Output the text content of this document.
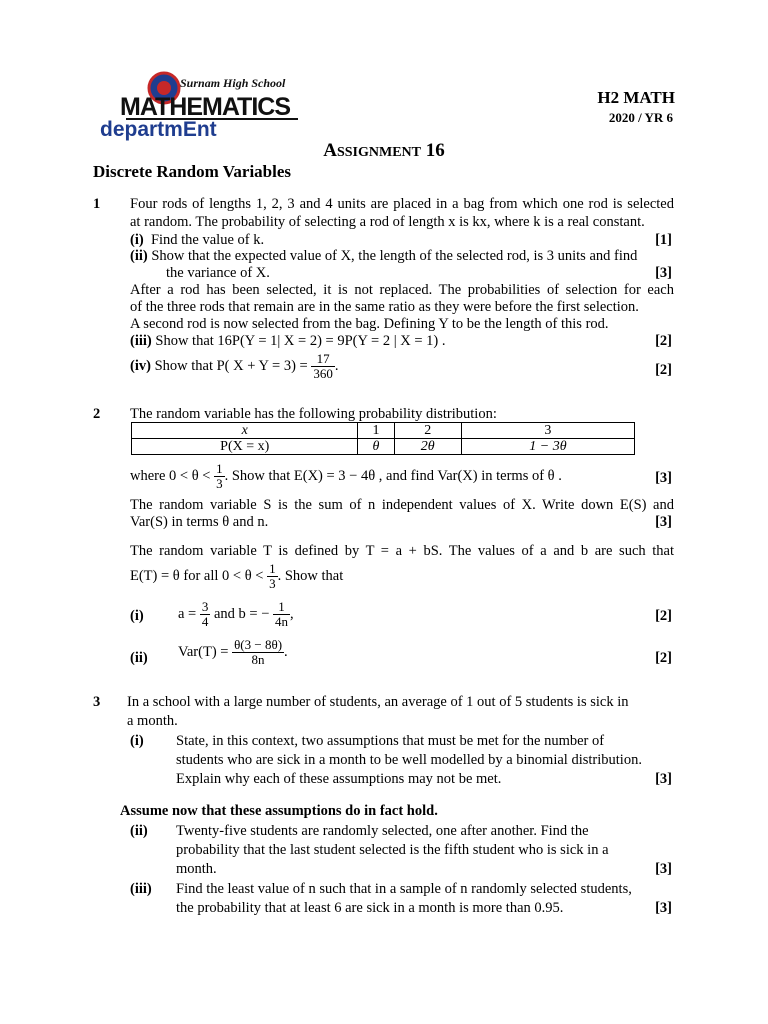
Surnam High School
MATHEMATICS
departmEnt
H2 MATH
2020 / YR 6
ASSIGNMENT 16
Discrete Random Variables
1 Four rods of lengths 1, 2, 3 and 4 units are placed in a bag from which one rod is selected
at random. The probability of selecting a rod of length x is kx, where k is a real constant.
(i) Find the value of k.	[1]
(ii) Show that the expected value of X, the length of the selected rod, is 3 units and find
the variance of X.	[3]
After a rod has been selected, it is not replaced. The probabilities of selection for each
of the three rods that remain are in the same ratio as they were before the first selection.
A second rod is now selected from the bag. Defining Y to be the length of this rod.
(iii) Show that 16P(Y = 1| X = 2) = 9P(Y = 2 | X = 1) .	[2]
(iv) Show that P( $X + Y = 3) = \frac{17}{360}$ .	[2]
2 The random variable has the following probability distribution:
x	1	2	3
P(X = x)	θ	2θ	1 − 3θ
where $0 < \theta < \frac{1}{3}$ . Show that E(X) = 3 − 4θ , and find Var(X) in terms of θ .	[3]
The random variable S is the sum of n independent values of X. Write down E(S) and
Var(S) in terms θ and n.	[3]
The random variable T is defined by T = a + bS. The values of a and b are such that
E(T) = θ for all $0 < \theta < \frac{1}{3}$ . Show that
(i) $a = \frac{3}{4}$ and b = − $\frac{1}{4n}$ ,	[2]
(ii) $Var(T) = \frac{\theta(3 - 8\theta)}{8n}$ .	[2]
3 In a school with a large number of students, an average of 1 out of 5 students is sick in
a month.
(i) State, in this context, two assumptions that must be met for the number of
students who are sick in a month to be well modelled by a binomial distribution.
Explain why each of these assumptions may not be met.	[3]
Assume now that these assumptions do in fact hold.
(ii) Twenty-five students are randomly selected, one after another. Find the
probability that the last student selected is the fifth student who is sick in a
month.	[3]
(iii) Find the least value of n such that in a sample of n randomly selected students,
the probability that at least 6 are sick in a month is more than 0.95.	[3]
